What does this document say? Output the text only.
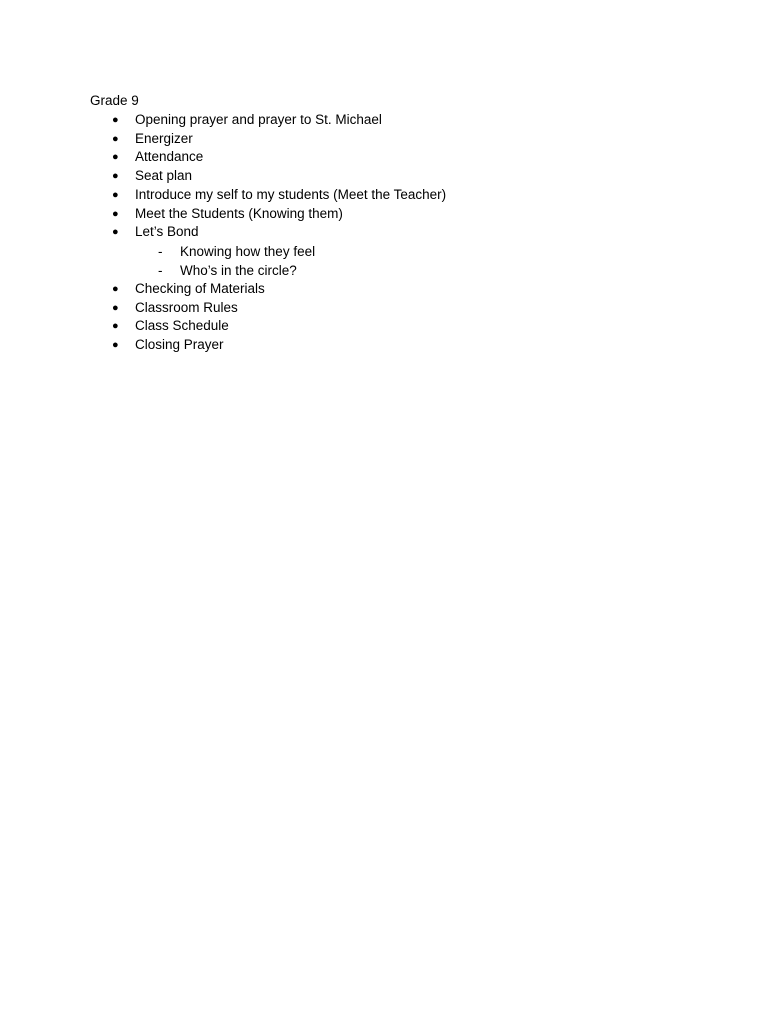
Grade 9

● Opening prayer and prayer to St. Michael
● Energizer
● Attendance
● Seat plan
● Introduce my self to my students (Meet the Teacher)
● Meet the Students (Knowing them)
● Let’s Bond
- Knowing how they feel
- Who’s in the circle?
● Checking of Materials
● Classroom Rules
● Class Schedule
● Closing Prayer
